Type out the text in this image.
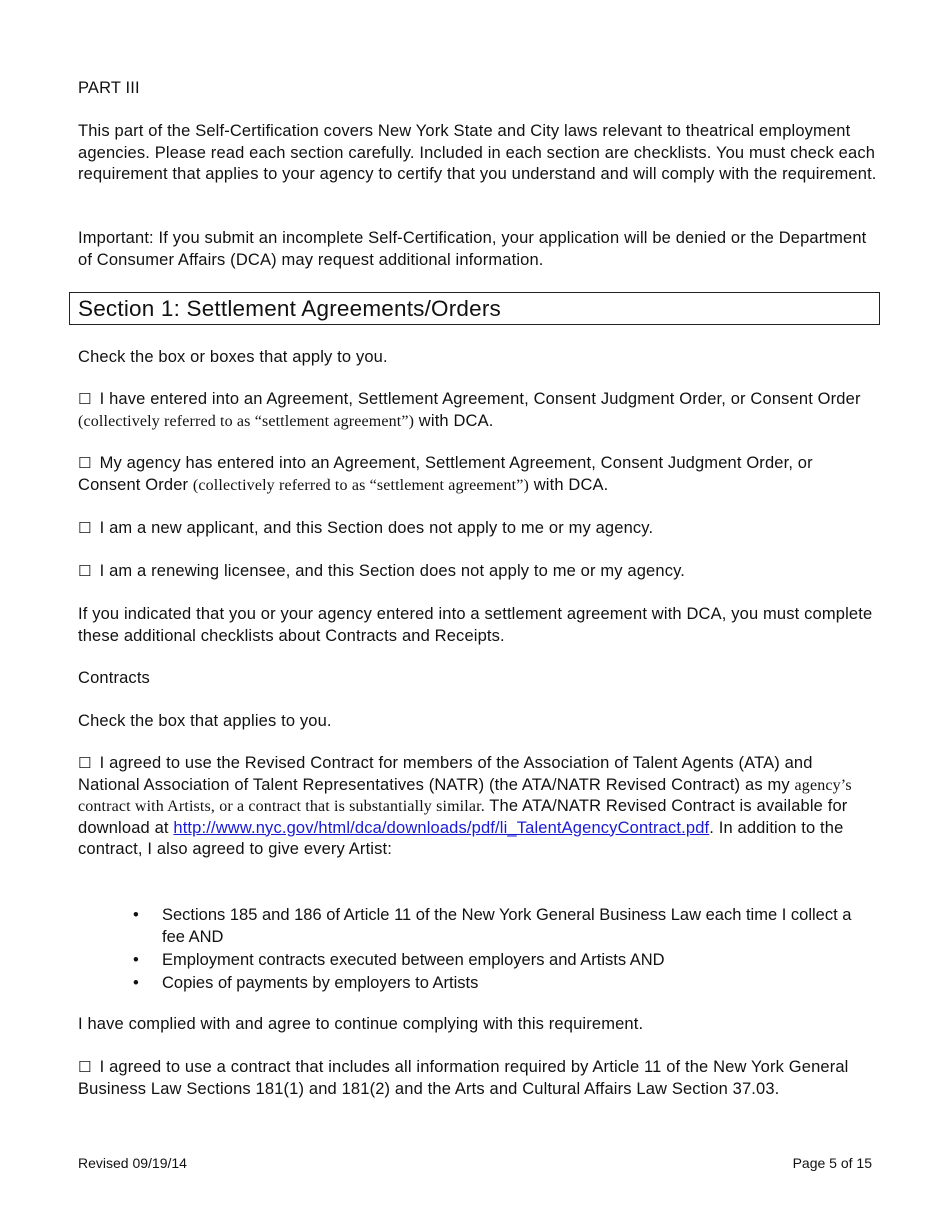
PART III

This part of the Self-Certification covers New York State and City laws relevant to theatrical employment agencies. Please read each section carefully. Included in each section are checklists. You must check each requirement that applies to your agency to certify that you understand and will comply with the requirement.

Important: If you submit an incomplete Self-Certification, your application will be denied or the Department of Consumer Affairs (DCA) may request additional information.

Section 1: Settlement Agreements/Orders

Check the box or boxes that apply to you.

☐ I have entered into an Agreement, Settlement Agreement, Consent Judgment Order, or Consent Order (collectively referred to as “settlement agreement”) with DCA.

☐ My agency has entered into an Agreement, Settlement Agreement, Consent Judgment Order, or Consent Order (collectively referred to as “settlement agreement”) with DCA.

☐ I am a new applicant, and this Section does not apply to me or my agency.

☐ I am a renewing licensee, and this Section does not apply to me or my agency.

If you indicated that you or your agency entered into a settlement agreement with DCA, you must complete these additional checklists about Contracts and Receipts.

Contracts

Check the box that applies to you.

☐ I agreed to use the Revised Contract for members of the Association of Talent Agents (ATA) and National Association of Talent Representatives (NATR) (the ATA/NATR Revised Contract) as my agency’s contract with Artists, or a contract that is substantially similar. The ATA/NATR Revised Contract is available for download at http://www.nyc.gov/html/dca/downloads/pdf/li_TalentAgencyContract.pdf. In addition to the contract, I also agreed to give every Artist:

• Sections 185 and 186 of Article 11 of the New York General Business Law each time I collect a fee AND
• Employment contracts executed between employers and Artists AND
• Copies of payments by employers to Artists

I have complied with and agree to continue complying with this requirement.

☐ I agreed to use a contract that includes all information required by Article 11 of the New York General Business Law Sections 181(1) and 181(2) and the Arts and Cultural Affairs Law Section 37.03.

Revised 09/19/14	Page 5 of 15
